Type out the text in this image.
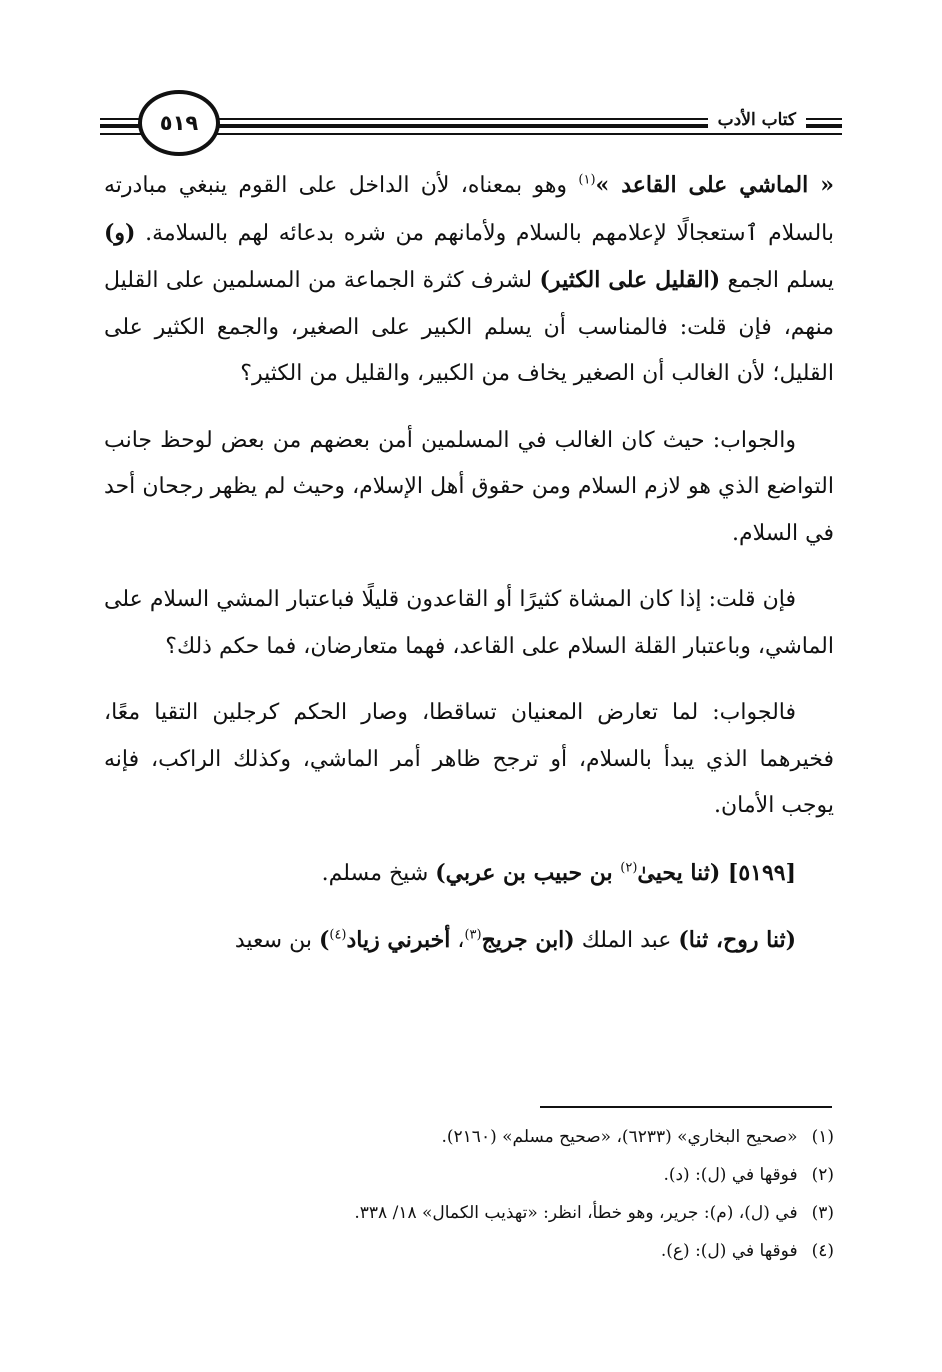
كتاب الأدب
٥١٩

« الماشي على القاعد »$^{(١)}$ وهو بمعناه، لأن الداخل على القوم ينبغي مبادرته بالسلام ٱستعجالًا لإعلامهم بالسلام ولأمانهم من شره بدعائه لهم بالسلامة. (و) يسلم الجمع (القليل على الكثير) لشرف كثرة الجماعة من المسلمين على القليل منهم، فإن قلت: فالمناسب أن يسلم الكبير على الصغير، والجمع الكثير على القليل؛ لأن الغالب أن الصغير يخاف من الكبير، والقليل من الكثير؟

والجواب: حيث كان الغالب في المسلمين أمن بعضهم من بعض لوحظ جانب التواضع الذي هو لازم السلام ومن حقوق أهل الإسلام، وحيث لم يظهر رجحان أحد في السلام.

فإن قلت: إذا كان المشاة كثيرًا أو القاعدون قليلًا فباعتبار المشي السلام على الماشي، وباعتبار القلة السلام على القاعد، فهما متعارضان، فما حكم ذلك؟

فالجواب: لما تعارض المعنيان تساقطا، وصار الحكم كرجلين التقيا معًا، فخيرهما الذي يبدأ بالسلام، أو ترجح ظاهر أمر الماشي، وكذلك الراكب، فإنه يوجب الأمان.

[٥١٩٩] (ثنا يحيىٰ$^{(٢)}$ بن حبيب بن عربي) شيخ مسلم.

(ثنا روح، ثنا) عبد الملك (ابن جريج$^{(٣)}$، أخبرني زياد$^{(٤)}$) بن سعيد

(١)
«صحيح البخاري» (٦٢٣٣)، «صحيح مسلم» (٢١٦٠).
(٢)
فوقها في (ل): (د).
(٣)
في (ل)، (م): جرير، وهو خطأ، انظر: «تهذيب الكمال» ١٨/ ٣٣٨.
(٤)
فوقها في (ل): (ع).
